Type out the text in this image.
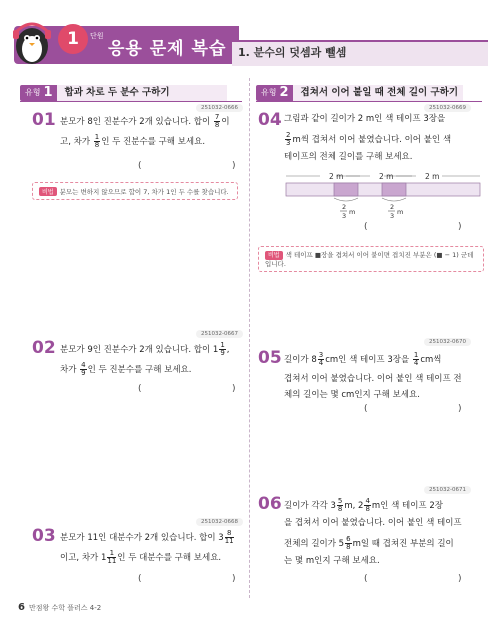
1	단원
응용 문제 복습 1. 분수의 덧셈과 뺄셈
유형 1	합과 차로 두 분수 구하기	유형 2	겹쳐서 이어 붙일 때 전체 길이 구하기
251032-0666
01 분모가 8인 진분수가 2개 있습니다. 합이 $\frac{7}{8}$ 이
고, 차가 $\frac{1}{8}$ 인 두 진분수를 구해 보세요.
(	)
비법 분모는 변하지 않으므로 합이 7, 차가 1인 두 수를 찾습니다.
251032-0667
02 분모가 9인 진분수가 2개 있습니다. 합이 $1 \frac{1}{9}$ ,
차가 $\frac{4}{9}$ 인 두 진분수를 구해 보세요.
(	)
251032-0668
03 분모가 11인 대분수가 2개 있습니다. 합이 $3 \frac{8}{11}$
이고, 차가 $1 \frac{1}{11}$ 인 두 대분수를 구해 보세요.
(	)
251032-0669
04 그림과 같이 길이가 2 m인 색 테이프 3장을
$\frac{2}{3}$ m씩 겹쳐서 이어 붙였습니다. 이어 붙인 색
테이프의 전체 길이를 구해 보세요.
2 m	2 m	2 m
2
3 m
2
3 m
(	)
비법 색 테이프 ■장을 겹쳐서 이어 붙이면 겹치진 부분은 (■ − 1) 군데입니다.
251032-0670
05 길이가 $8 \frac{3}{4}$ cm인 색 테이프 3장을 $\frac{1}{4}$ cm씩
겹쳐서 이어 붙였습니다. 이어 붙인 색 테이프 전
체의 길이는 몇 cm인지 구해 보세요.
(	)
251032-0671
06 길이가 각각 $3 \frac{5}{8} m$, $2 \frac{4}{8}$ m인 색 테이프 2장
을 겹쳐서 이어 붙였습니다. 이어 붙인 색 테이프
전체의 길이가 $5 \frac{6}{8}$ m일 때 겹쳐진 부분의 길이
는 몇 m인지 구해 보세요.
(	)
6 만점왕 수학 플러스 4-2
